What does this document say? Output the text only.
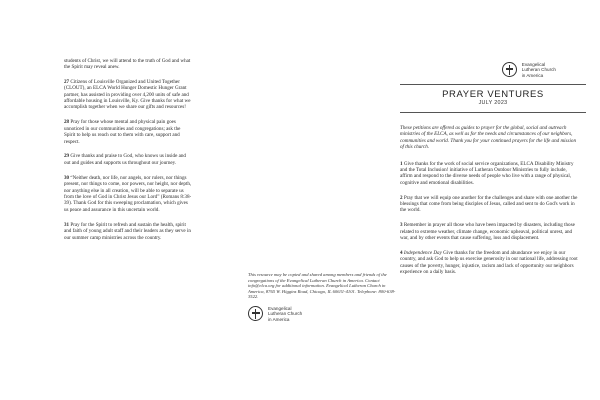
students of Christ, we will attend to the truth of God and what the Spirit may reveal anew.

27 Citizens of Louisville Organized and United Together (CLOUT), an ELCA World Hunger Domestic Hunger Grant partner, has assisted in providing over 4,200 units of safe and affordable housing in Louisville, Ky. Give thanks for what we accomplish together when we share our gifts and resources!

28 Pray for those whose mental and physical pain goes unnoticed in our communities and congregations; ask the Spirit to help us reach out to them with care, support and respect.

29 Give thanks and praise to God, who knows us inside and out and guides and supports us throughout our journey.

30 “Neither death, nor life, nor angels, nor rulers, nor things present, nor things to come, nor powers, nor height, nor depth, nor anything else in all creation, will be able to separate us from the love of God in Christ Jesus our Lord” (Romans 8:38-39). Thank God for this sweeping proclamation, which gives us peace and assurance in this uncertain world.

31 Pray for the Spirit to refresh and sustain the health, spirit and faith of young adult staff and their leaders as they serve in our summer camp ministries across the country.

This resource may be copied and shared among members and friends of the congregations of the Evangelical Lutheran Church in America. Contact info@elca.org for additional information. Evangelical Lutheran Church in America, 8765 W. Higgins Road, Chicago, IL 60631-4101. Telephone: 800-638-3522.

Evangelical
Lutheran Church
in America
Evangelical
Lutheran Church
in America

PRAYER VENTURES

JULY 2023

These petitions are offered as guides to prayer for the global, social and outreach ministries of the ELCA, as well as for the needs and circumstances of our neighbors, communities and world. Thank you for your continued prayers for the life and mission of this church.

1 Give thanks for the work of social service organizations, ELCA Disability Ministry and the Total Inclusion! initiative of Lutheran Outdoor Ministries to fully include, affirm and respond to the diverse needs of people who live with a range of physical, cognitive and emotional disabilities.

2 Pray that we will equip one another for the challenges and share with one another the blessings that come from being disciples of Jesus, called and sent to do God's work in the world.

3 Remember in prayer all those who have been impacted by disasters, including those related to extreme weather, climate change, economic upheaval, political unrest, and war, and by other events that cause suffering, loss and displacement.

4 Independence Day Give thanks for the freedom and abundance we enjoy in our country, and ask God to help us exercise generosity in our national life, addressing root causes of the poverty, hunger, injustice, racism and lack of opportunity our neighbors experience on a daily basis.
